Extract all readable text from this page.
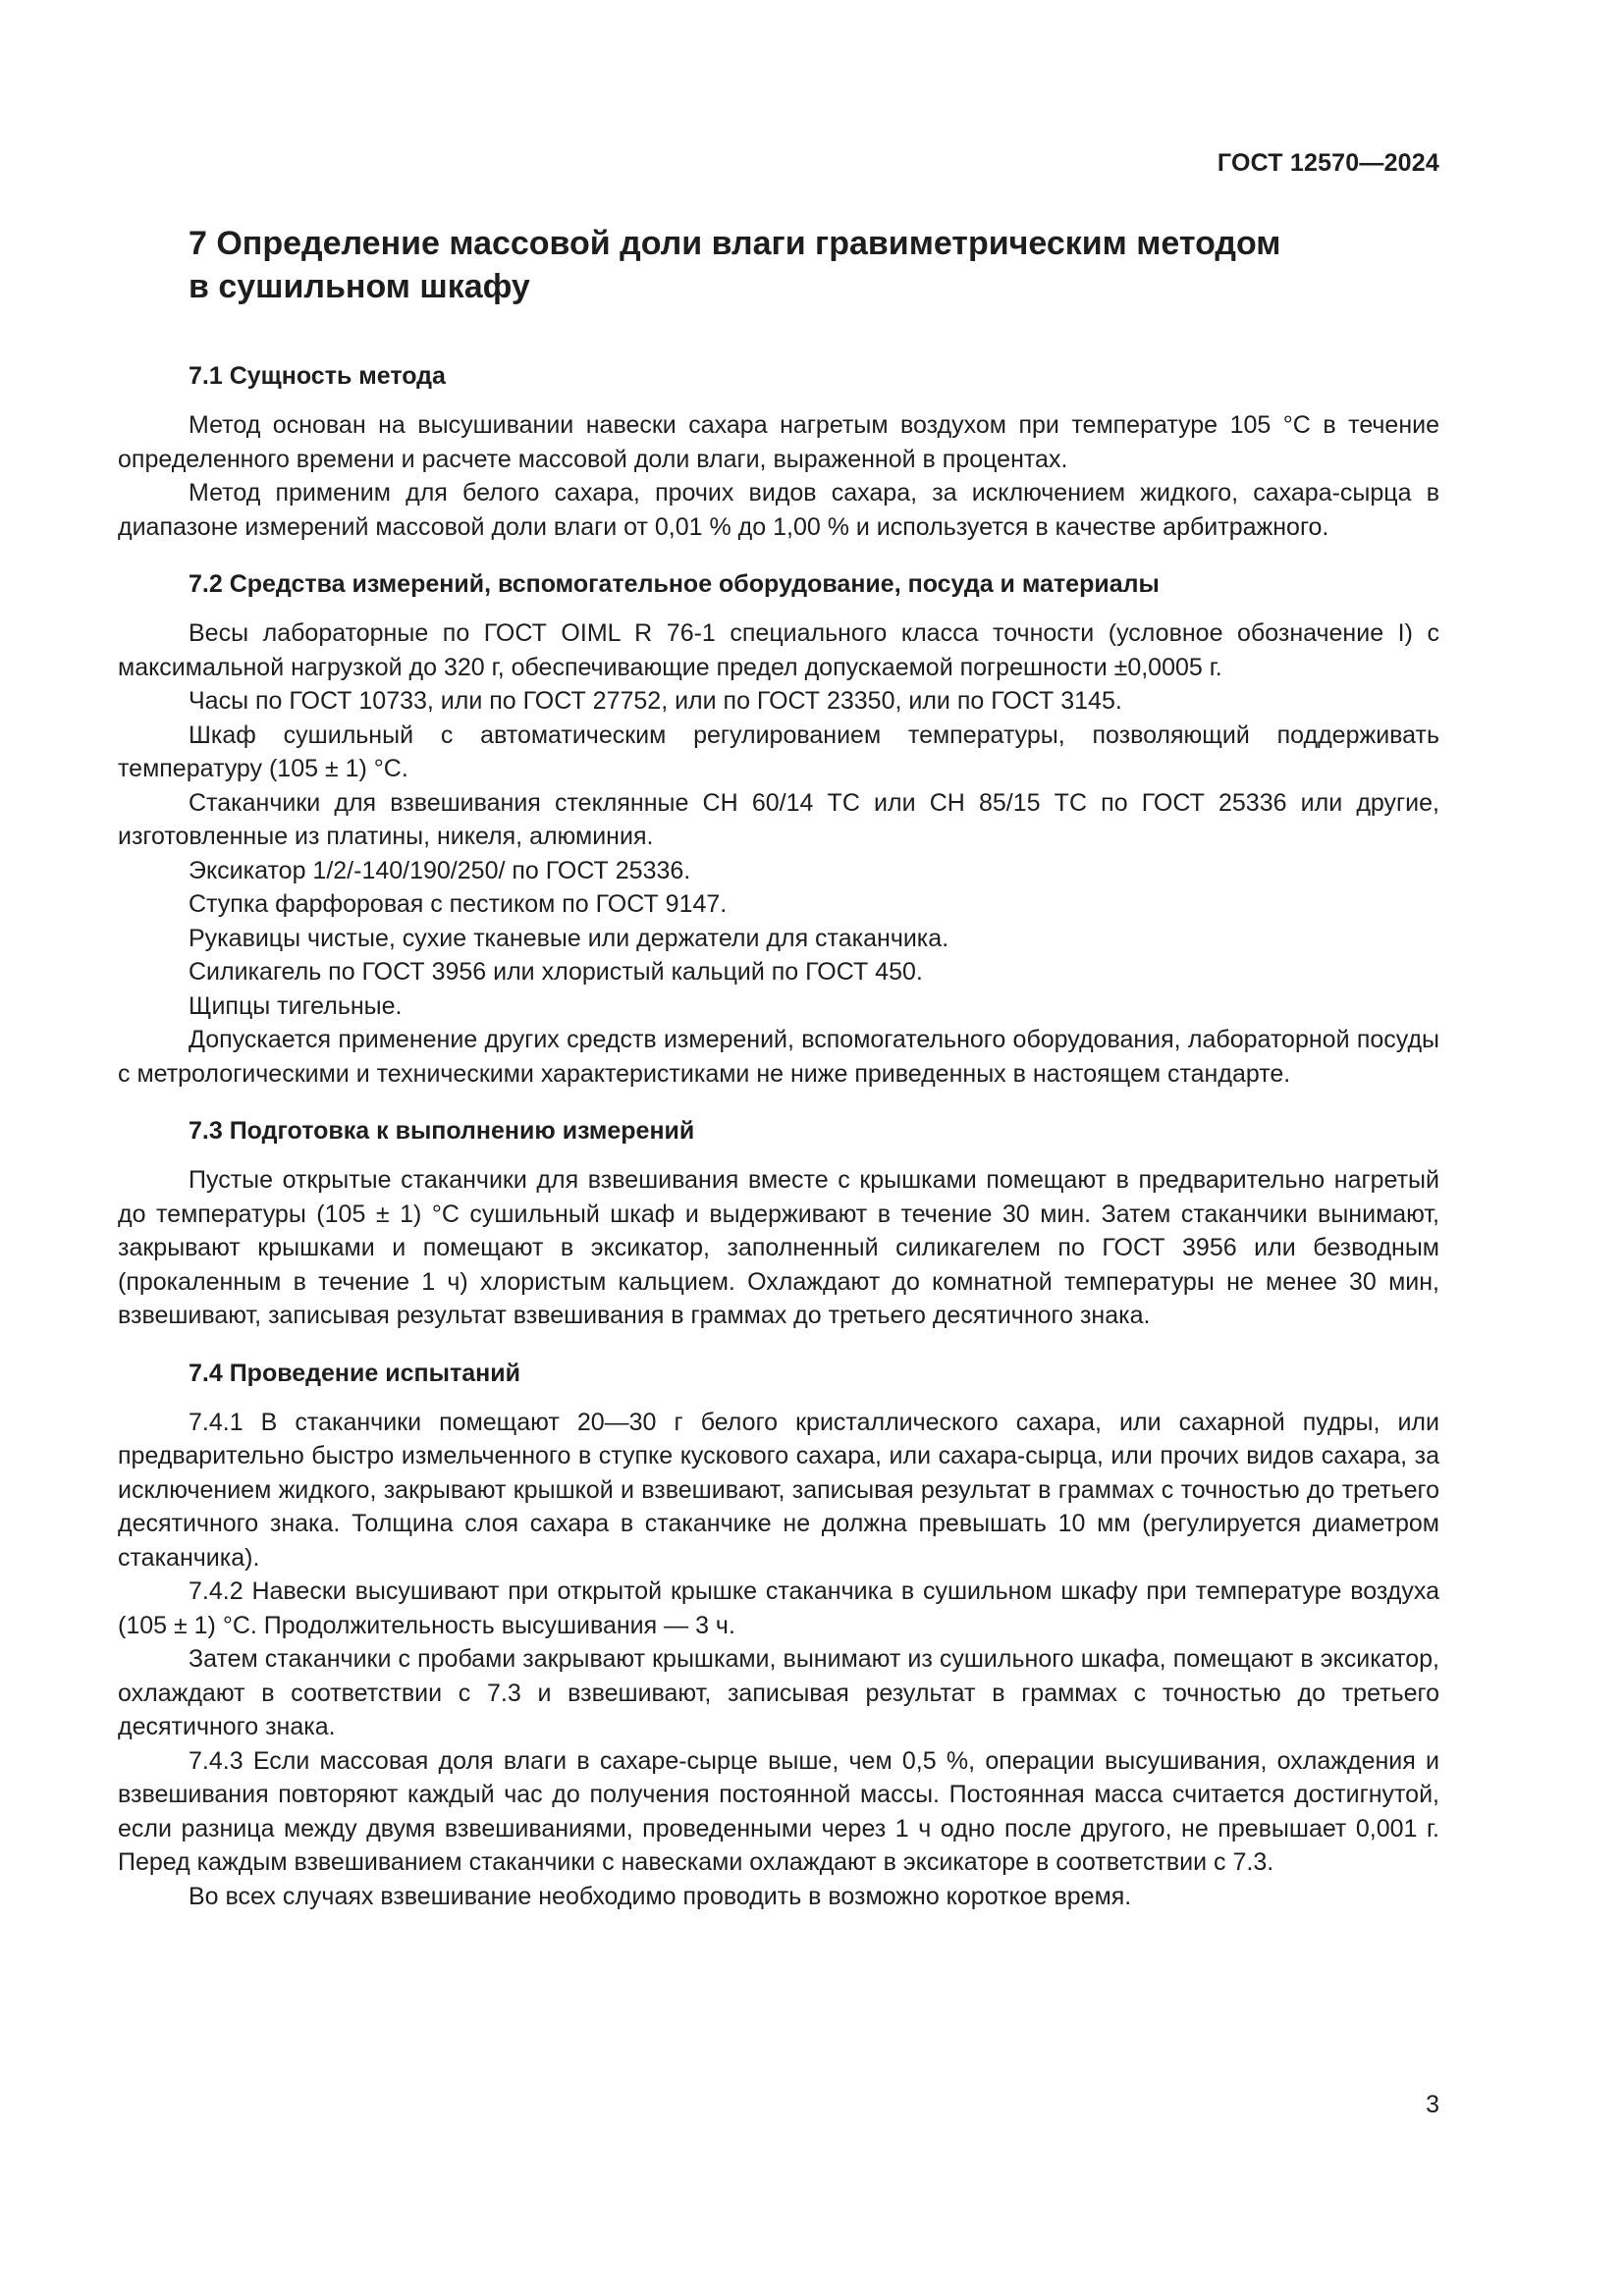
ГОСТ 12570—2024
7 Определение массовой доли влаги гравиметрическим методом
в сушильном шкафу
7.1 Сущность метода

Метод основан на высушивании навески сахара нагретым воздухом при температуре 105 °С в течение определенного времени и расчете массовой доли влаги, выраженной в процентах.

Метод применим для белого сахара, прочих видов сахара, за исключением жидкого, сахара-сырца в диапазоне измерений массовой доли влаги от 0,01 % до 1,00 % и используется в качестве арбитражного.

7.2 Средства измерений, вспомогательное оборудование, посуда и материалы

Весы лабораторные по ГОСТ OIML R 76-1 специального класса точности (условное обозначение I) с максимальной нагрузкой до 320 г, обеспечивающие предел допускаемой погрешности ±0,0005 г.

Часы по ГОСТ 10733, или по ГОСТ 27752, или по ГОСТ 23350, или по ГОСТ 3145.

Шкаф сушильный с автоматическим регулированием температуры, позволяющий поддерживать температуру (105 ± 1) °С.

Стаканчики для взвешивания стеклянные СН 60/14 ТС или СН 85/15 ТС по ГОСТ 25336 или другие, изготовленные из платины, никеля, алюминия.

Эксикатор 1/2/-140/190/250/ по ГОСТ 25336.

Ступка фарфоровая с пестиком по ГОСТ 9147.

Рукавицы чистые, сухие тканевые или держатели для стаканчика.

Силикагель по ГОСТ 3956 или хлористый кальций по ГОСТ 450.

Щипцы тигельные.

Допускается применение других средств измерений, вспомогательного оборудования, лабораторной посуды с метрологическими и техническими характеристиками не ниже приведенных в настоящем стандарте.

7.3 Подготовка к выполнению измерений

Пустые открытые стаканчики для взвешивания вместе с крышками помещают в предварительно нагретый до температуры (105 ± 1) °С сушильный шкаф и выдерживают в течение 30 мин. Затем стаканчики вынимают, закрывают крышками и помещают в эксикатор, заполненный силикагелем по ГОСТ 3956 или безводным (прокаленным в течение 1 ч) хлористым кальцием. Охлаждают до комнатной температуры не менее 30 мин, взвешивают, записывая результат взвешивания в граммах до третьего десятичного знака.

7.4 Проведение испытаний

7.4.1 В стаканчики помещают 20—30 г белого кристаллического сахара, или сахарной пудры, или предварительно быстро измельченного в ступке кускового сахара, или сахара-сырца, или прочих видов сахара, за исключением жидкого, закрывают крышкой и взвешивают, записывая результат в граммах с точностью до третьего десятичного знака. Толщина слоя сахара в стаканчике не должна превышать 10 мм (регулируется диаметром стаканчика).

7.4.2 Навески высушивают при открытой крышке стаканчика в сушильном шкафу при температуре воздуха (105 ± 1) °С. Продолжительность высушивания — 3 ч.

Затем стаканчики с пробами закрывают крышками, вынимают из сушильного шкафа, помещают в эксикатор, охлаждают в соответствии с 7.3 и взвешивают, записывая результат в граммах с точностью до третьего десятичного знака.

7.4.3 Если массовая доля влаги в сахаре-сырце выше, чем 0,5 %, операции высушивания, охлаждения и взвешивания повторяют каждый час до получения постоянной массы. Постоянная масса считается достигнутой, если разница между двумя взвешиваниями, проведенными через 1 ч одно после другого, не превышает 0,001 г. Перед каждым взвешиванием стаканчики с навесками охлаждают в эксикаторе в соответствии с 7.3.

Во всех случаях взвешивание необходимо проводить в возможно короткое время.

3
